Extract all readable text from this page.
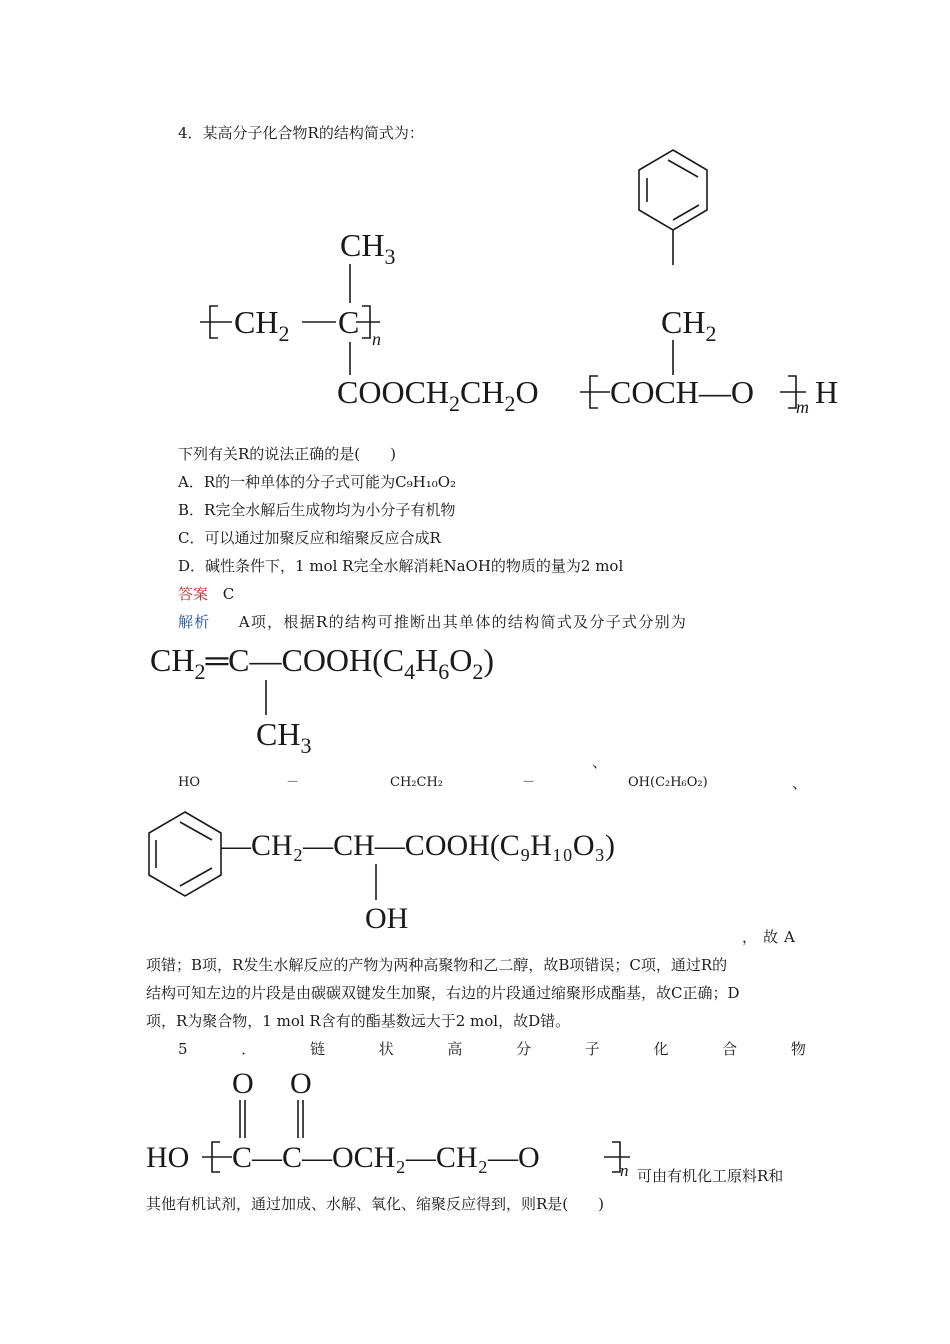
4．某高分子化合物R的结构简式为：
$CH_2$
$CH_3$
$CH_2$ C n
$COOCH_2CH_2O$ COCH—O m H
下列有关R的说法正确的是(　　)
A．R的一种单体的分子式可能为C₉H₁₀O₂
B．R完全水解后生成物均为小分子有机物
C．可以通过加聚反应和缩聚反应合成R
D．碱性条件下，1 mol R完全水解消耗NaOH的物质的量为2 mol
答案 C
解析 A项，根据R的结构可推断出其单体的结构简式及分子式分别为
$CH_2═C—COOH(C_4H_6O_2)$
$CH_3$
、
HO	－	CH₂CH₂	－	OH(C₂H₆O₂)	、
—CH₂—CH—COOH(C₉H₁₀O₃)
OH
，故A
项错；B项，R发生水解反应的产物为两种高聚物和乙二醇，故B项错误；C项，通过R的
结构可知左边的片段是由碳碳双键发生加聚，右边的片段通过缩聚形成酯基，故C正确；D
项，R为聚合物，1 mol R含有的酯基数远大于2 mol，故D错。
5	．	链	状	高	分	子	化	合	物
O O
HO C—C—OCH₂—CH₂—O	n 可由有机化工原料R和
其他有机试剂，通过加成、水解、氧化、缩聚反应得到，则R是(　　)
